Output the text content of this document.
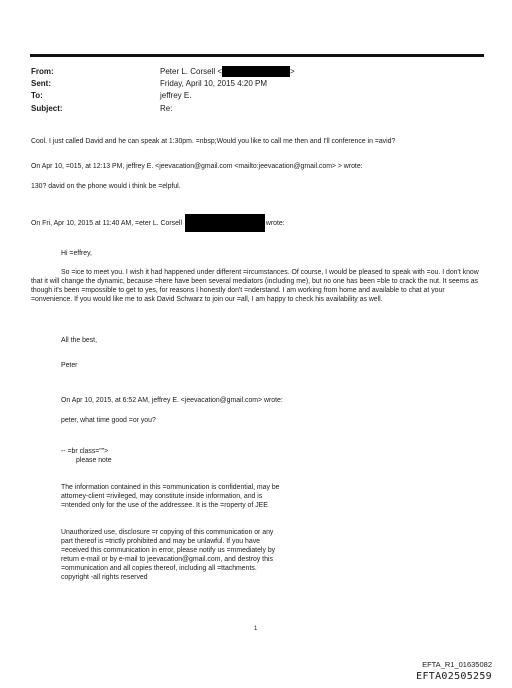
From:	Peter L. Corsell <	>
Sent:	Friday, April 10, 2015 4:20 PM
To:	jeffrey E.
Subject:	Re:
Cool. I just called David and he can speak at 1:30pm. =nbsp;Would you like to call me then and I'll conference in =avid?
On Apr 10, =015, at 12:13 PM, jeffrey E. <jeevacation@gmail.com <mailto:jeevacation@gmail.com> > wrote:
130? david on the phone would i think be =elpful.
On Fri, Apr 10, 2015 at 11:40 AM, =eter L. Corsell	wrote:
Hi =effrey,
So =ice to meet you. I wish it had happened under different =ircumstances. Of course, I would be pleased to speak with =ou. I don't know that it will change the dynamic, because =here have been several mediators (including me), but no one has been =ble to crack the nut. It seems as though it's been =mpossible to get to yes, for reasons I honestly don't =nderstand. I am working from home and available to chat at your =onvenience. If you would like me to ask David Schwarz to join our =all, I am happy to check his availability as well.
All the best,
Peter
On Apr 10, 2015, at 6:52 AM, jeffrey E. <jeevacation@gmail.com> wrote:
peter, what time good =or you?
-- =br class="">
please note
The information contained in this =ommunication is confidential, may be attorney-client =rivileged, may constitute inside information, and is =ntended only for the use of the addressee. It is the =roperty of JEE
Unauthorized use, disclosure =r copying of this communication or any part thereof is =trictly prohibited and may be unlawful. If you have =eceived this communication in error, please notify us =mmediately by return e-mail or by e-mail to jeevacation@gmail.com, and destroy this =ommunication and all copies thereof, including all =ttachments. copyright -all rights reserved
1
EFTA_R1_01635082
EFTA02505259
